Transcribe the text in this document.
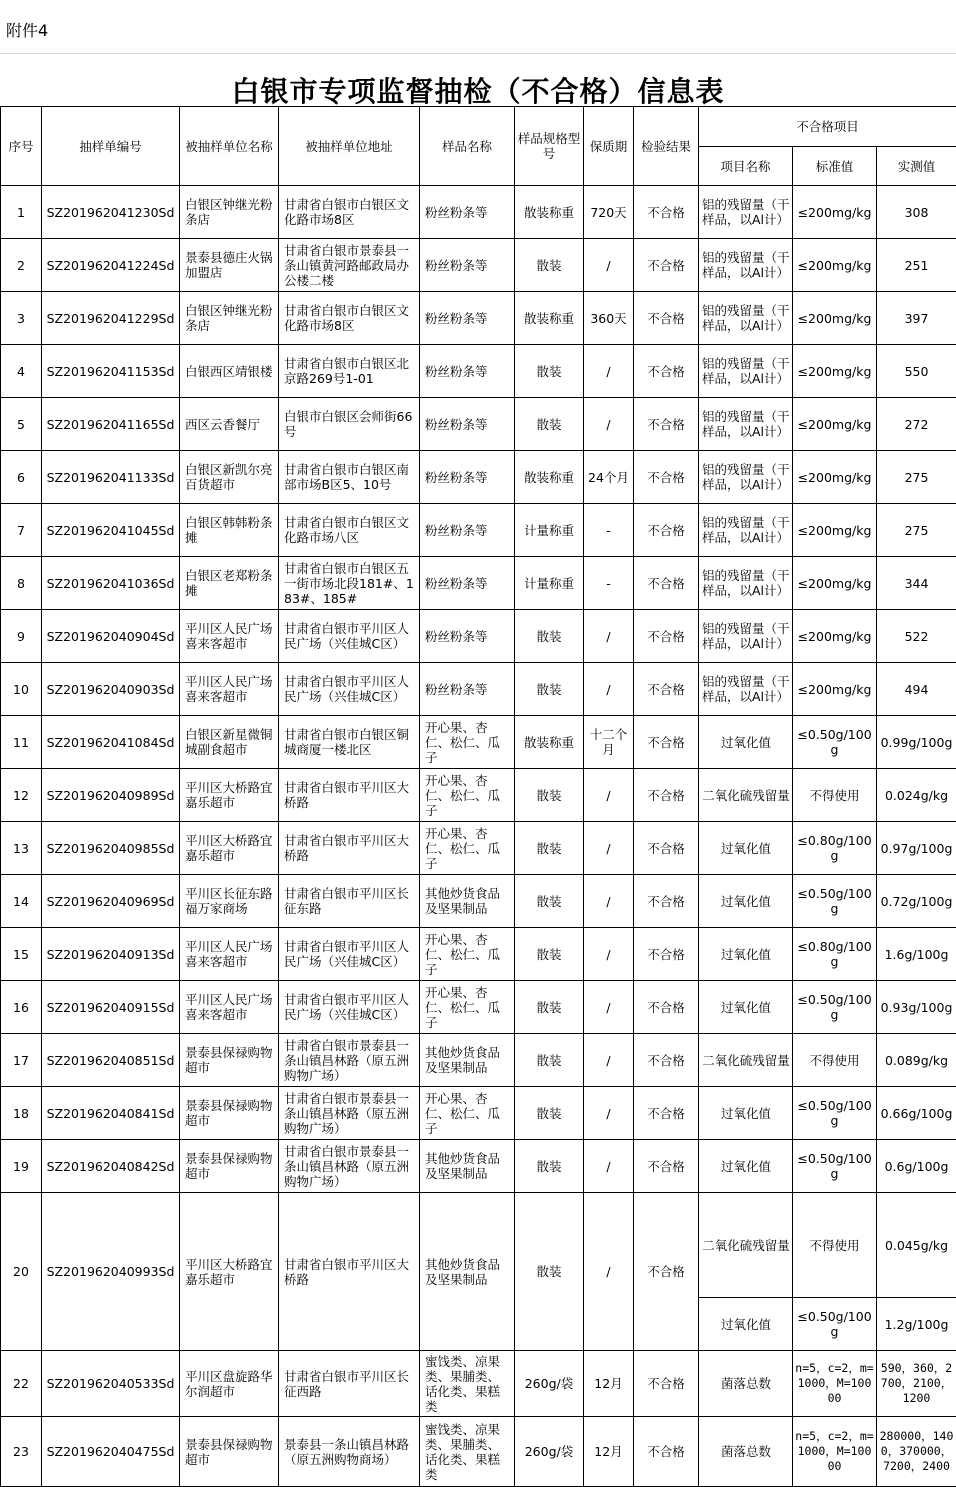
附件4
白银市专项监督抽检（不合格）信息表
序号	抽样单编号	被抽样单位名称	被抽样单位地址	样品名称	样品规格型号	保质期	检验结果	不合格项目		
								项目名称	标准值	实测值
1	SZ201962041230Sd	白银区钟继光粉条店	甘肃省白银市白银区文化路市场8区	粉丝粉条等	散装称重	720天	不合格	铝的残留量（干样品，以Al计）	≤200mg/kg	308
2	SZ201962041224Sd	景泰县德庄火锅加盟店	甘肃省白银市景泰县一条山镇黄河路邮政局办公楼二楼	粉丝粉条等	散装	/	不合格	铝的残留量（干样品，以Al计）	≤200mg/kg	251
3	SZ201962041229Sd	白银区钟继光粉条店	甘肃省白银市白银区文化路市场8区	粉丝粉条等	散装称重	360天	不合格	铝的残留量（干样品，以Al计）	≤200mg/kg	397
4	SZ201962041153Sd	白银西区靖银楼	甘肃省白银市白银区北京路269号1-01	粉丝粉条等	散装	/	不合格	铝的残留量（干样品，以Al计）	≤200mg/kg	550
5	SZ201962041165Sd	西区云香餐厅	白银市白银区会师街66号	粉丝粉条等	散装	/	不合格	铝的残留量（干样品，以Al计）	≤200mg/kg	272
6	SZ201962041133Sd	白银区新凯尔亮百货超市	甘肃省白银市白银区南部市场B区5、10号	粉丝粉条等	散装称重	24个月	不合格	铝的残留量（干样品，以Al计）	≤200mg/kg	275
7	SZ201962041045Sd	白银区韩韩粉条摊	甘肃省白银市白银区文化路市场八区	粉丝粉条等	计量称重	-	不合格	铝的残留量（干样品，以Al计）	≤200mg/kg	275
8	SZ201962041036Sd	白银区老郑粉条摊	甘肃省白银市白银区五一街市场北段181#、183#、185#	粉丝粉条等	计量称重	-	不合格	铝的残留量（干样品，以Al计）	≤200mg/kg	344
9	SZ201962040904Sd	平川区人民广场喜来客超市	甘肃省白银市平川区人民广场（兴佳城C区）	粉丝粉条等	散装	/	不合格	铝的残留量（干样品，以Al计）	≤200mg/kg	522
10	SZ201962040903Sd	平川区人民广场喜来客超市	甘肃省白银市平川区人民广场（兴佳城C区）	粉丝粉条等	散装	/	不合格	铝的残留量（干样品，以Al计）	≤200mg/kg	494
11	SZ201962041084Sd	白银区新星微铜城副食超市	甘肃省白银市白银区铜城商厦一楼北区	开心果、杏仁、松仁、瓜子	散装称重	十二个月	不合格	过氧化值	≤0.50g/100g	0.99g/100g
12	SZ201962040989Sd	平川区大桥路宜嘉乐超市	甘肃省白银市平川区大桥路	开心果、杏仁、松仁、瓜子	散装	/	不合格	二氧化硫残留量	不得使用	0.024g/kg
13	SZ201962040985Sd	平川区大桥路宜嘉乐超市	甘肃省白银市平川区大桥路	开心果、杏仁、松仁、瓜子	散装	/	不合格	过氧化值	≤0.80g/100g	0.97g/100g
14	SZ201962040969Sd	平川区长征东路福万家商场	甘肃省白银市平川区长征东路	其他炒货食品及坚果制品	散装	/	不合格	过氧化值	≤0.50g/100g	0.72g/100g
15	SZ201962040913Sd	平川区人民广场喜来客超市	甘肃省白银市平川区人民广场（兴佳城C区）	开心果、杏仁、松仁、瓜子	散装	/	不合格	过氧化值	≤0.80g/100g	1.6g/100g
16	SZ201962040915Sd	平川区人民广场喜来客超市	甘肃省白银市平川区人民广场（兴佳城C区）	开心果、杏仁、松仁、瓜子	散装	/	不合格	过氧化值	≤0.50g/100g	0.93g/100g
17	SZ201962040851Sd	景泰县保禄购物超市	甘肃省白银市景泰县一条山镇昌林路（原五洲购物广场）	其他炒货食品及坚果制品	散装	/	不合格	二氧化硫残留量	不得使用	0.089g/kg
18	SZ201962040841Sd	景泰县保禄购物超市	甘肃省白银市景泰县一条山镇昌林路（原五洲购物广场）	开心果、杏仁、松仁、瓜子	散装	/	不合格	过氧化值	≤0.50g/100g	0.66g/100g
19	SZ201962040842Sd	景泰县保禄购物超市	甘肃省白银市景泰县一条山镇昌林路（原五洲购物广场）	其他炒货食品及坚果制品	散装	/	不合格	过氧化值	≤0.50g/100g	0.6g/100g
20	SZ201962040993Sd	平川区大桥路宜嘉乐超市	甘肃省白银市平川区大桥路	其他炒货食品及坚果制品	散装	/	不合格	二氧化硫残留量	不得使用	0.045g/kg
								过氧化值	≤0.50g/100g	1.2g/100g
22	SZ201962040533Sd	平川区盘旋路华尔润超市	甘肃省白银市平川区长征西路	蜜饯类、凉果类、果脯类、话化类、果糕类	260g/袋	12月	不合格	菌落总数	n=5，c=2，m=1000，M=10000	590，360，2700，2100，1200
23	SZ201962040475Sd	景泰县保禄购物超市	景泰县一条山镇昌林路（原五洲购物商场）	蜜饯类、凉果类、果脯类、话化类、果糕类	260g/袋	12月	不合格	菌落总数	n=5，c=2，m=1000，M=10000	280000，1400，370000，7200，2400
